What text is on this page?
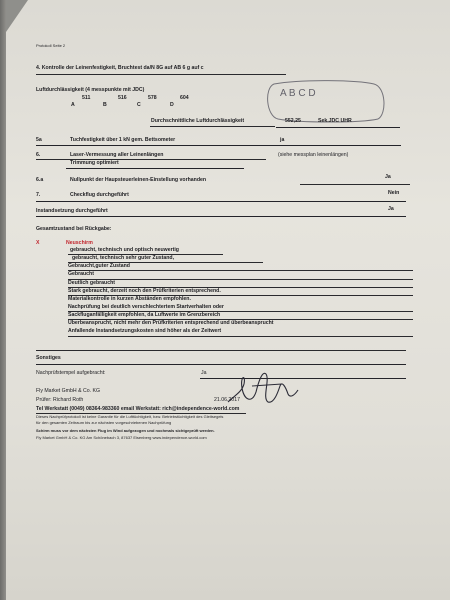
Protokoll Seite 2
4. Kontrolle der Leinenfestigkeit, Bruchtest da/N 8G auf AB 6 g auf c
A B C D
Luftdurchlässigkeit (4 messpunkte mit JDC)
511	516	578	604
A	B	C	D
Durchschnittliche Luftdurchlässigkeit	552,25	Sek.JDC UHR
5a	Tuchfestigkeit über 1 kN gem. Bettsometer	ja
6.	Laser-Vermessung aller Leinenlängen	(siehe messplan leinenlängen)
Trimmung optimiert
6.a	Nullpunkt der Haupsteuerleinen-Einstellung vorhanden	Ja
7.	Checkflug durchgeführt	Nein
Instandsetzung durchgeführt	Ja
Gesamtzustand bei Rückgabe:
X	Neuschirm
gebraucht, technisch und optisch neuwertig
gebraucht, technisch sehr guter Zustand,
Gebraucht,guter Zustand
Gebraucht
Deutlich gebraucht
Stark gebraucht, derzeit noch den Prüfkriterien entsprechend.
Materialkontrolle in kurzen Abständen empfohlen.
Nachprüfung bei deutlich verschlechtertem Startverhalten oder
Sackfluganfälligkeit empfohlen, da Luftwerte im Grenzbereich
Überbeansprucht, nicht mehr den Prüfkriterien entsprechend und überbeansprucht
Anfallende Instandsetzungskosten sind höher als der Zeitwert
Sonstiges
Nachprüfstempel aufgebracht:	Ja
Fly Market GmbH & Co. KG
Prüfer: Richard Roth	21.06.2017
Tel Werkstatt (0049) 08364-983360 email Werkstatt: rich@independence-world.com
Dieses Nachprüfprotokoll ist keine Garantie für die Lufttüchtigkeit, bzw. Betriebstüchtigkeit des Gleitsegels
für den gesamten Zeitraum bis zur nächsten vorgeschriebenen Nachprüfung
Schirm muss vor dem nächsten Flug im Wind aufgezogen und nochmals sichtgeprüft werden.
Fly Market GmbH & Co. KG Am Schönebach 3, 87637 Eisenberg www.independence-world.com
